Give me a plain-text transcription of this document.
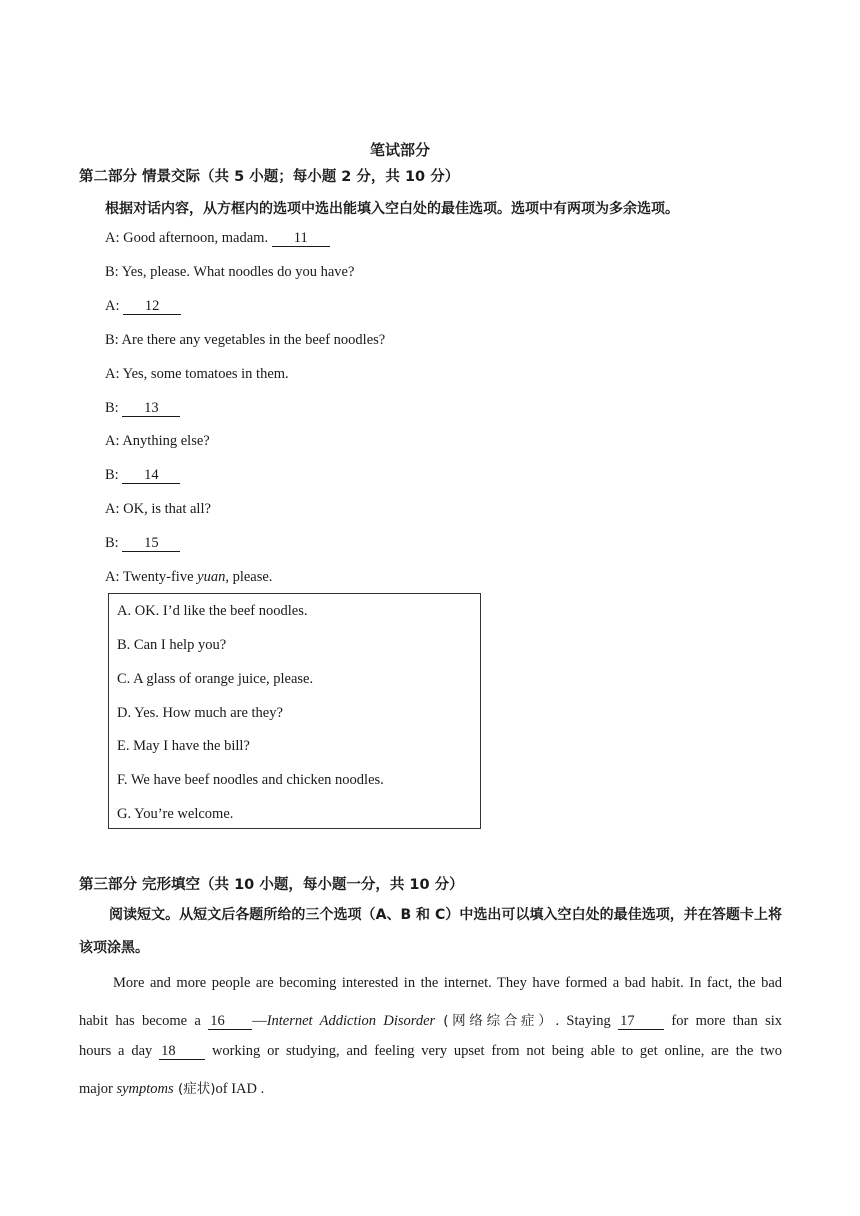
笔试部分
第二部分 情景交际（共 5 小题；每小题 2 分，共 10 分）
根据对话内容，从方框内的选项中选出能填入空白处的最佳选项。选项中有两项为多余选项。
A: Good afternoon, madam. 11
B: Yes, please. What noodles do you have?
A: 12
B: Are there any vegetables in the beef noodles?
A: Yes, some tomatoes in them.
B: 13
A: Anything else?
B: 14
A: OK, is that all?
B: 15
A: Twenty-five yuan, please.
A. OK. I’d like the beef noodles.
B. Can I help you?
C. A glass of orange juice, please.
D. Yes. How much are they?
E. May I have the bill?
F. We have beef noodles and chicken noodles.
G. You’re welcome.
第三部分 完形填空（共 10 小题，每小题一分，共 10 分）
阅读短文。从短文后各题所给的三个选项（A、B 和 C）中选出可以填入空白处的最佳选项，并在答题卡上将该项涂黑。
More and more people are becoming interested in the internet. They have formed a bad habit. In fact, the bad
habit has become a 16 —Internet Addiction Disorder (网络综合症）. Staying 17 for more than six
hours a day 18 working or studying, and feeling very upset from not being able to get online, are the two
major symptoms (症状)of IAD .
